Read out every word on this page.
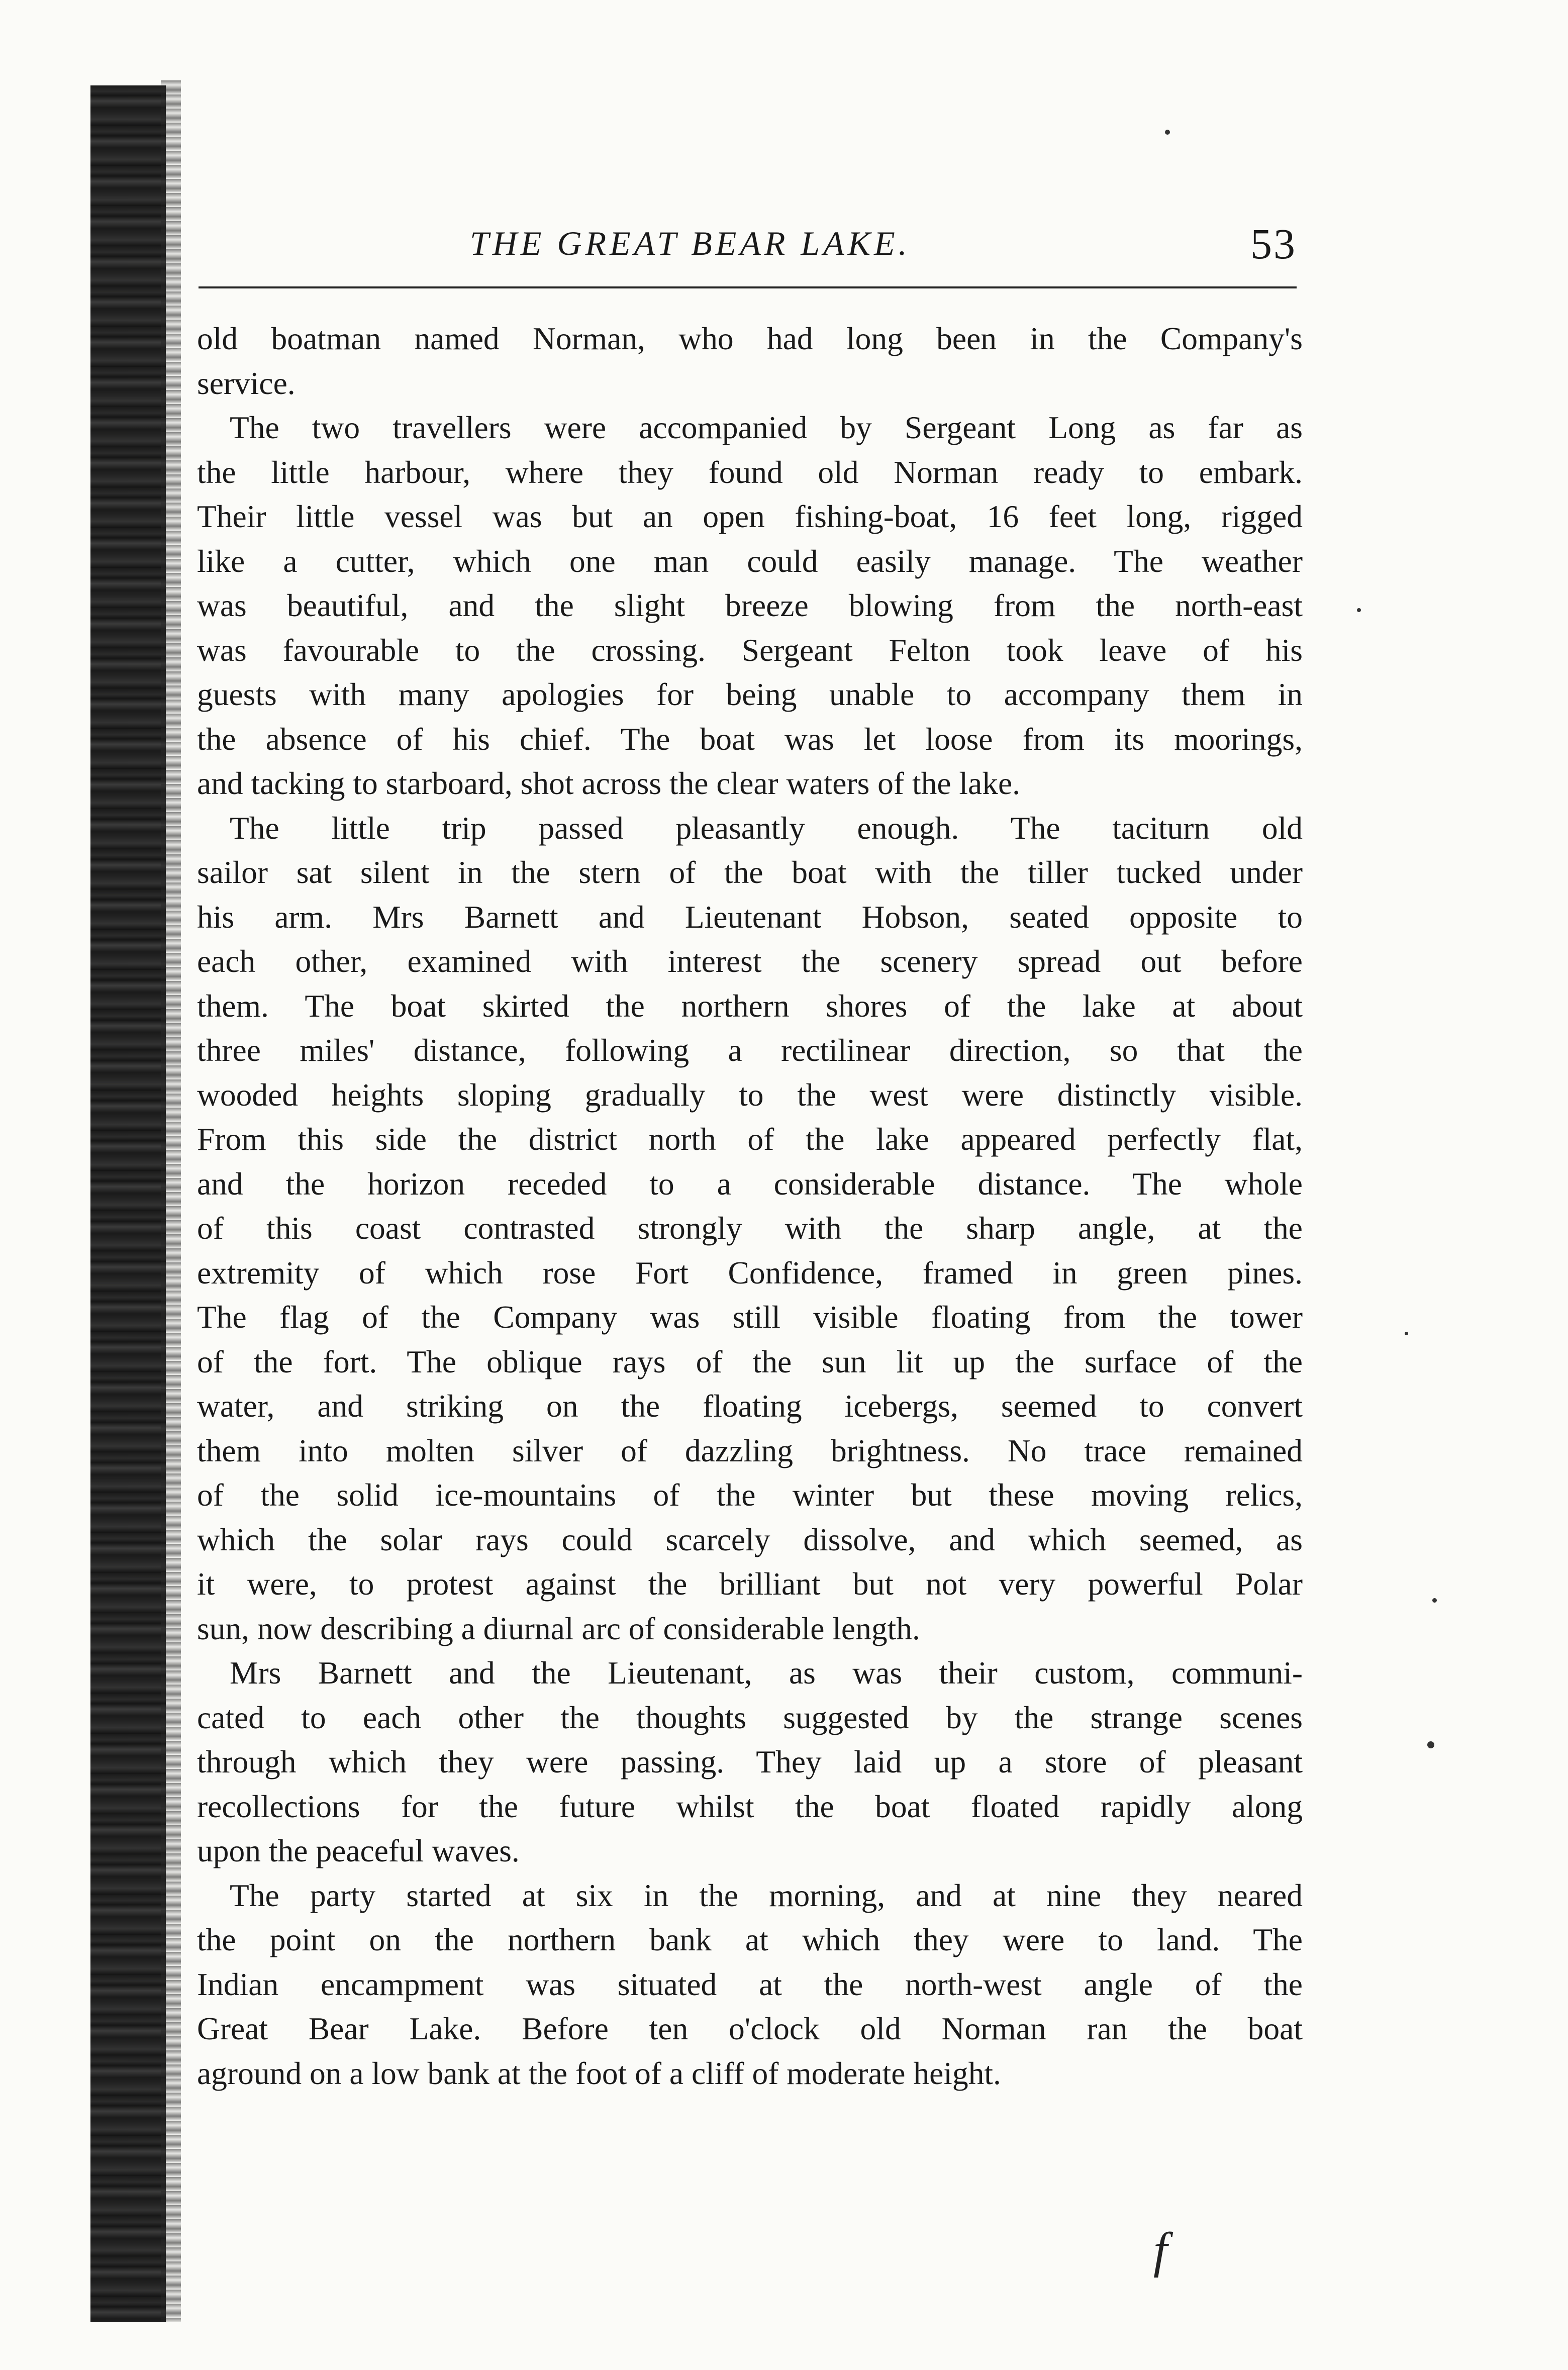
THE GREAT BEAR LAKE.	53
old boatman named Norman, who had long been in the Company's
service.
The two travellers were accompanied by Sergeant Long as far as
the little harbour, where they found old Norman ready to embark.
Their little vessel was but an open fishing-boat, 16 feet long, rigged
like a cutter, which one man could easily manage. The weather
was beautiful, and the slight breeze blowing from the north-east
was favourable to the crossing. Sergeant Felton took leave of his
guests with many apologies for being unable to accompany them in
the absence of his chief. The boat was let loose from its moorings,
and tacking to starboard, shot across the clear waters of the lake.
The little trip passed pleasantly enough. The taciturn old
sailor sat silent in the stern of the boat with the tiller tucked under
his arm. Mrs Barnett and Lieutenant Hobson, seated opposite to
each other, examined with interest the scenery spread out before
them. The boat skirted the northern shores of the lake at about
three miles' distance, following a rectilinear direction, so that the
wooded heights sloping gradually to the west were distinctly visible.
From this side the district north of the lake appeared perfectly flat,
and the horizon receded to a considerable distance. The whole
of this coast contrasted strongly with the sharp angle, at the
extremity of which rose Fort Confidence, framed in green pines.
The flag of the Company was still visible floating from the tower
of the fort. The oblique rays of the sun lit up the surface of the
water, and striking on the floating icebergs, seemed to convert
them into molten silver of dazzling brightness. No trace remained
of the solid ice-mountains of the winter but these moving relics,
which the solar rays could scarcely dissolve, and which seemed, as
it were, to protest against the brilliant but not very powerful Polar
sun, now describing a diurnal arc of considerable length.
Mrs Barnett and the Lieutenant, as was their custom, communi-
cated to each other the thoughts suggested by the strange scenes
through which they were passing. They laid up a store of pleasant
recollections for the future whilst the boat floated rapidly along
upon the peaceful waves.
The party started at six in the morning, and at nine they neared
the point on the northern bank at which they were to land. The
Indian encampment was situated at the north-west angle of the
Great Bear Lake. Before ten o'clock old Norman ran the boat
aground on a low bank at the foot of a cliff of moderate height.
f
